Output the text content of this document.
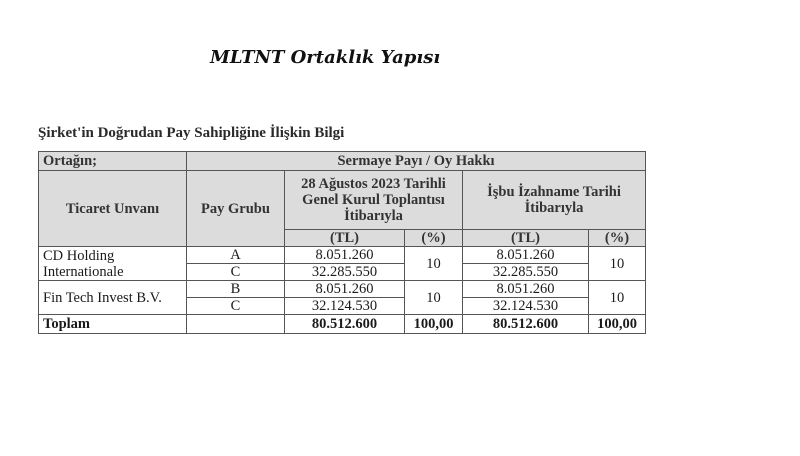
MLTNT Ortaklık Yapısı
Şirket'in Doğrudan Pay Sahipliğine İlişkin Bilgi
Ortağın;	Sermaye Payı / Oy Hakkı				
Ticaret Unvanı	Pay Grubu	28 Ağustos 2023 Tarihli Genel Kurul Toplantısı İtibarıyla		İşbu İzahname Tarihi İtibarıyla	
		(TL)	(%)	(TL)	(%)
CD Holding Internationale	A	8.051.260	10	8.051.260	10
	C	32.285.550		32.285.550	
Fin Tech Invest B.V.	B	8.051.260	10	8.051.260	10
	C	32.124.530		32.124.530	
Toplam		80.512.600	100,00	80.512.600	100,00
